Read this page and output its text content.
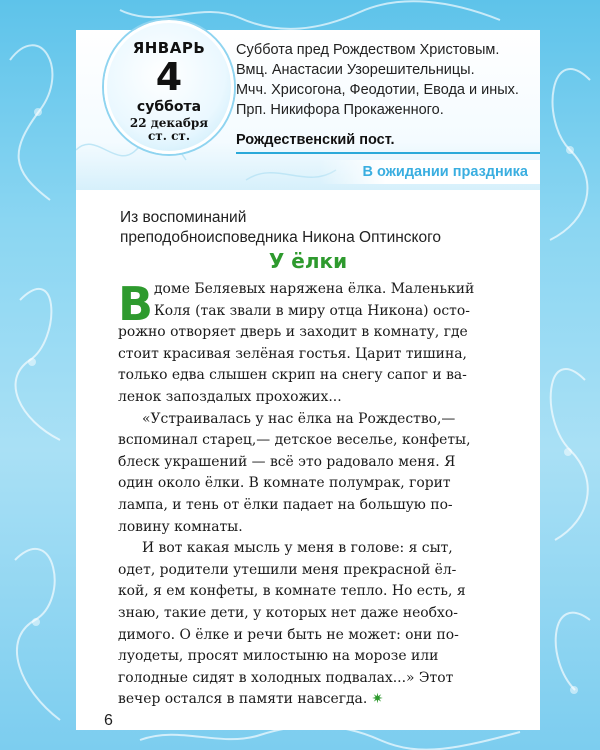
ЯНВАРЬ
4
суббота
22 декабря
ст. ст.
Суббота пред Рождеством Христовым.
Вмц. Анастасии Узорешительницы.
Мчч. Хрисогона, Феодотии, Евода и иных.
Прп. Никифора Прокаженного.
Рождественский пост.
В ожидании праздника
Из воспоминаний
преподобноисповедника Никона Оптинского
У ёлки
В доме Беляевых наряжена ёлка. Маленький
Коля (так звали в миру отца Никона) осто-
рожно отворяет дверь и заходит в комнату, где
стоит красивая зелёная гостья. Царит тишина,
только едва слышен скрип на снегу сапог и ва-
ленок запоздалых прохожих...
«Устраивалась у нас ёлка на Рождество,—
вспоминал старец,— детское веселье, конфеты,
блеск украшений — всё это радовало меня. Я
один около ёлки. В комнате полумрак, горит
лампа, и тень от ёлки падает на большую по-
ловину комнаты.
И вот какая мысль у меня в голове: я сыт,
одет, родители утешили меня прекрасной ёл-
кой, я ем конфеты, в комнате тепло. Но есть, я
знаю, такие дети, у которых нет даже необхо-
димого. О ёлке и речи быть не может: они по-
луодеты, просят милостыню на морозе или
голодные сидят в холодных подвалах...» Этот
вечер остался в памяти навсегда. ✷
6
